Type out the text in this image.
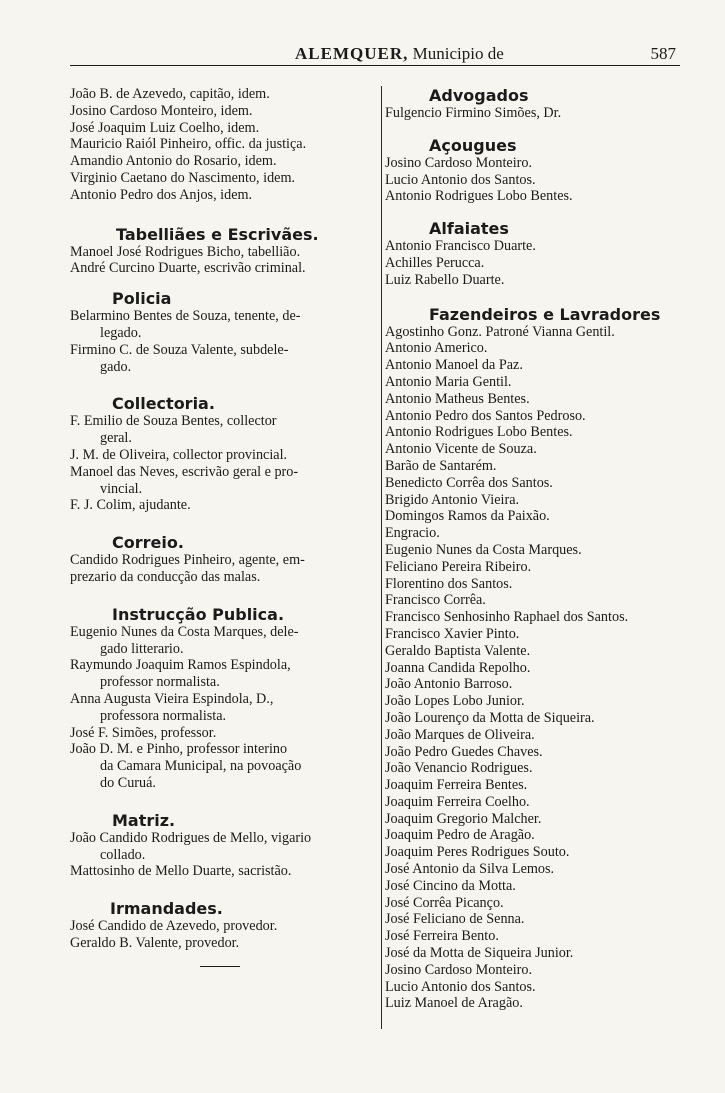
ALEMQUER, Municipio de	587
João B. de Azevedo, capitão, idem.
Josino Cardoso Monteiro, idem.
José Joaquim Luiz Coelho, idem.
Mauricio Raiól Pinheiro, offic. da justiça.
Amandio Antonio do Rosario, idem.
Virginio Caetano do Nascimento, idem.
Antonio Pedro dos Anjos, idem.
Tabelliães e Escrivães.
Manoel José Rodrigues Bicho, tabellião.
André Curcino Duarte, escrivão criminal.
Policia
Belarmino Bentes de Souza, tenente, de-
legado.
Firmino C. de Souza Valente, subdele-
gado.
Collectoria.
F. Emilio de Souza Bentes, collector
geral.
J. M. de Oliveira, collector provincial.
Manoel das Neves, escrivão geral e pro-
vincial.
F. J. Colim, ajudante.
Correio.
Candido Rodrigues Pinheiro, agente, em-
prezario da conducção das malas.
Instrucção Publica.
Eugenio Nunes da Costa Marques, dele-
gado litterario.
Raymundo Joaquim Ramos Espindola,
professor normalista.
Anna Augusta Vieira Espindola, D.,
professora normalista.
José F. Simões, professor.
João D. M. e Pinho, professor interino
da Camara Municipal, na povoação
do Curuá.
Matriz.
João Candido Rodrigues de Mello, vigario
collado.
Mattosinho de Mello Duarte, sacristão.
Irmandades.
José Candido de Azevedo, provedor.
Geraldo B. Valente, provedor.
Advogados
Fulgencio Firmino Simões, Dr.
Açougues
Josino Cardoso Monteiro.
Lucio Antonio dos Santos.
Antonio Rodrigues Lobo Bentes.
Alfaiates
Antonio Francisco Duarte.
Achilles Perucca.
Luiz Rabello Duarte.
Fazendeiros e Lavradores
Agostinho Gonz. Patroné Vianna Gentil.
Antonio Americo.
Antonio Manoel da Paz.
Antonio Maria Gentil.
Antonio Matheus Bentes.
Antonio Pedro dos Santos Pedroso.
Antonio Rodrigues Lobo Bentes.
Antonio Vicente de Souza.
Barão de Santarém.
Benedicto Corrêa dos Santos.
Brigido Antonio Vieira.
Domingos Ramos da Paixão.
Engracio.
Eugenio Nunes da Costa Marques.
Feliciano Pereira Ribeiro.
Florentino dos Santos.
Francisco Corrêa.
Francisco Senhosinho Raphael dos Santos.
Francisco Xavier Pinto.
Geraldo Baptista Valente.
Joanna Candida Repolho.
João Antonio Barroso.
João Lopes Lobo Junior.
João Lourenço da Motta de Siqueira.
João Marques de Oliveira.
João Pedro Guedes Chaves.
João Venancio Rodrigues.
Joaquim Ferreira Bentes.
Joaquim Ferreira Coelho.
Joaquim Gregorio Malcher.
Joaquim Pedro de Aragão.
Joaquim Peres Rodrigues Souto.
José Antonio da Silva Lemos.
José Cincino da Motta.
José Corrêa Picanço.
José Feliciano de Senna.
José Ferreira Bento.
José da Motta de Siqueira Junior.
Josino Cardoso Monteiro.
Lucio Antonio dos Santos.
Luiz Manoel de Aragão.
